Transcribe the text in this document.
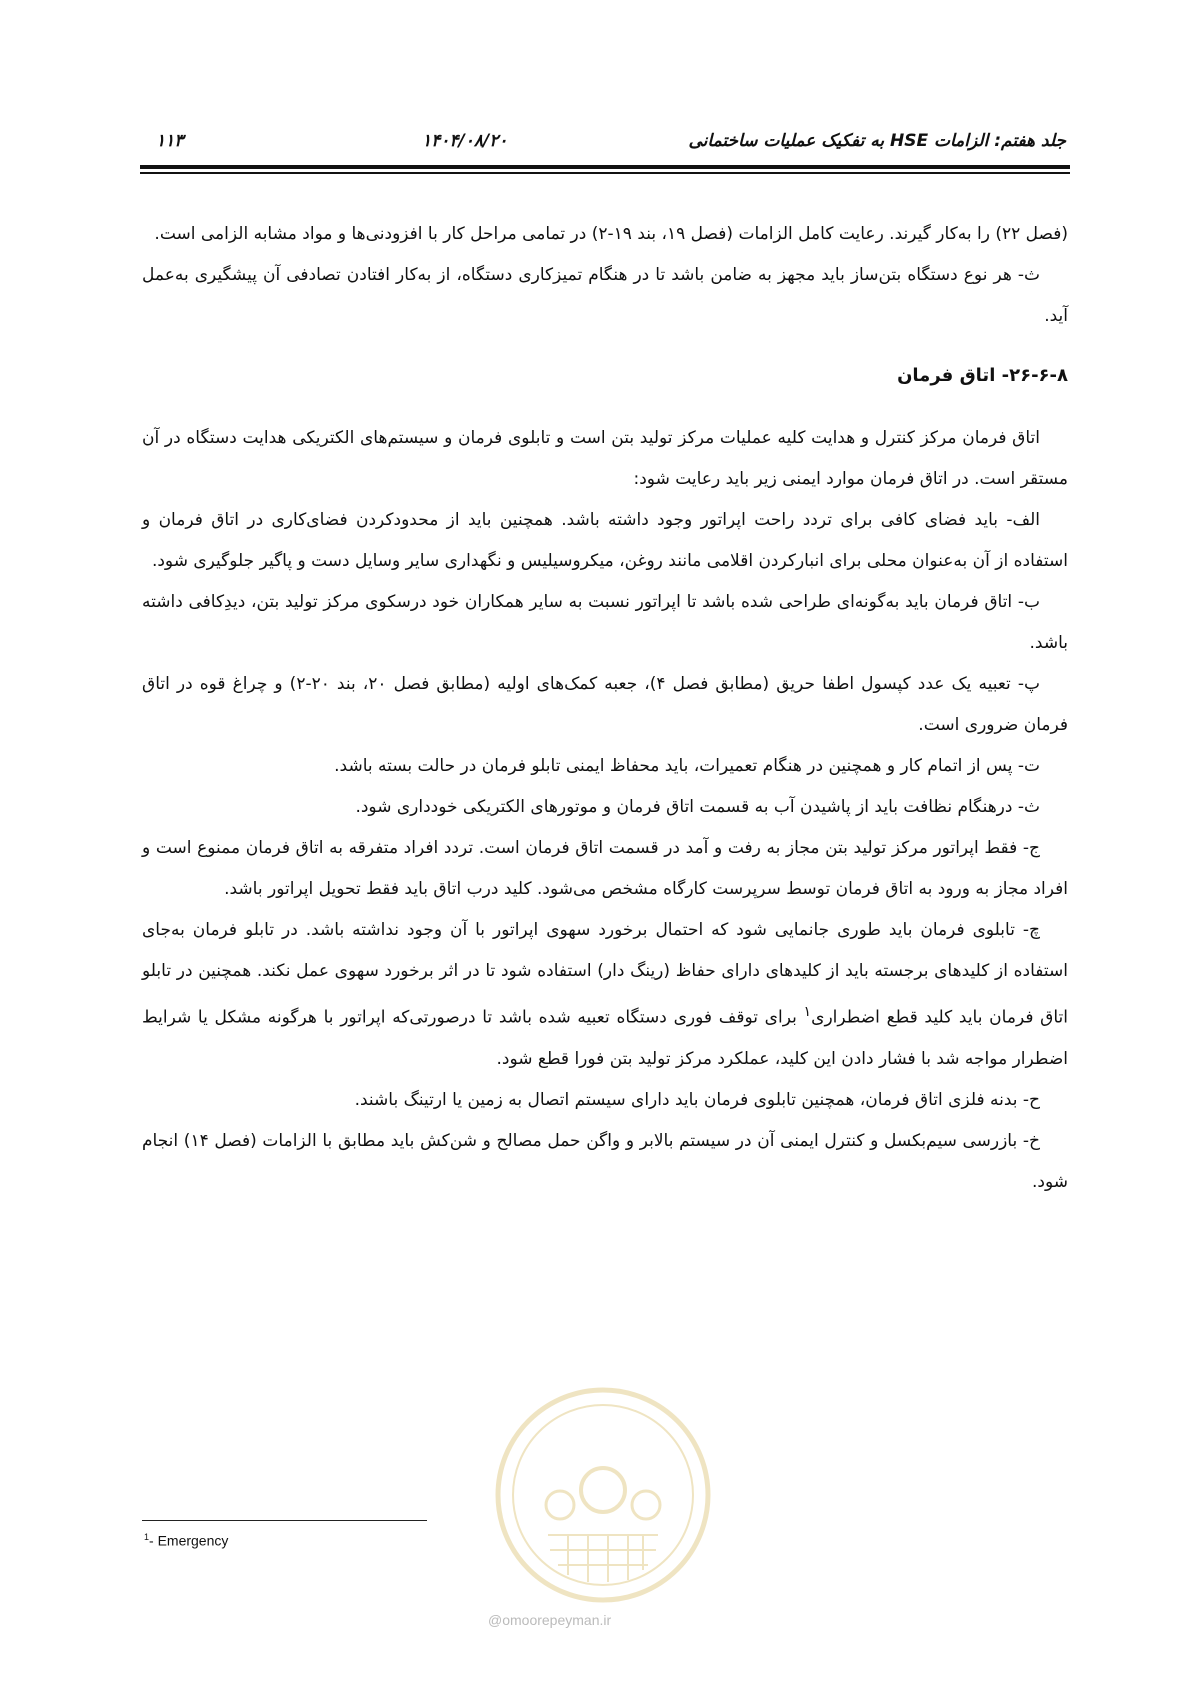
جلد هفتم: الزامات HSE به تفکیک عملیات ساختمانی
۱۴۰۴/۰۸/۲۰
۱۱۳

(فصل ۲۲) را به‌کار گیرند. رعایت کامل الزامات (فصل ۱۹، بند ۱۹-۲) در تمامی مراحل کار با افزودنی‌ها و مواد مشابه الزامی است.

ث- هر نوع دستگاه بتن‌ساز باید مجهز به ضامن باشد تا در هنگام تمیزکاری دستگاه، از به‌کار افتادن تصادفی آن پیشگیری به‌عمل آید.

۲۶-۶-۸- اتاق فرمان

اتاق فرمان مرکز کنترل و هدایت کلیه عملیات مرکز تولید بتن است و تابلوی فرمان و سیستم‌های الکتریکی هدایت دستگاه در آن مستقر است. در اتاق فرمان موارد ایمنی زیر باید رعایت شود:

الف- باید فضای کافی برای تردد راحت اپراتور وجود داشته باشد. همچنین باید از محدودکردن فضای‌کاری در اتاق فرمان و استفاده از آن به‌عنوان محلی برای انبارکردن اقلامی مانند روغن، میکروسیلیس و نگهداری سایر وسایل دست و پاگیر جلوگیری شود.

ب- اتاق فرمان باید به‌گونه‌ای طراحی شده باشد تا اپراتور نسبت به سایر همکاران خود درسکوی مرکز تولید بتن، دیدِکافی داشته باشد.

پ- تعبیه یک عدد کپسول اطفا حریق (مطابق فصل ۴)، جعبه کمک‌های اولیه (مطابق فصل ۲۰، بند ۲۰-۲) و چراغ قوه در اتاق فرمان ضروری است.

ت- پس از اتمام کار و همچنین در هنگام تعمیرات، باید محفاظ ایمنی تابلو فرمان در حالت بسته باشد.

ث- درهنگام نظافت باید از پاشیدن آب به قسمت اتاق فرمان و موتورهای الکتریکی خودداری شود.

ج- فقط اپراتور مرکز تولید بتن مجاز به رفت و آمد در قسمت اتاق فرمان است. تردد افراد متفرقه به اتاق فرمان ممنوع است و افراد مجاز به ورود به اتاق فرمان توسط سرپرست کارگاه مشخص می‌شود. کلید درب اتاق باید فقط تحویل اپراتور باشد.

چ- تابلوی فرمان باید طوری جانمایی شود که احتمال برخورد سهوی اپراتور با آن وجود نداشته باشد. در تابلو فرمان به‌جای استفاده از کلیدهای برجسته باید از کلیدهای دارای حفاظ (رینگ دار) استفاده شود تا در اثر برخورد سهوی عمل نکند. همچنین در تابلو اتاق فرمان باید کلید قطع اضطراری$^۱$ برای توقف فوری دستگاه تعبیه شده باشد تا درصورتی‌که اپراتور با هرگونه مشکل یا شرایط اضطرار مواجه شد با فشار دادن این کلید، عملکرد مرکز تولید بتن فورا قطع شود.

ح- بدنه فلزی اتاق فرمان، همچنین تابلوی فرمان باید دارای سیستم اتصال به زمین یا ارتینگ باشند.

خ- بازرسی سیم‌بکسل و کنترل ایمنی آن در سیستم بالابر و واگن حمل مصالح و شن‌کش باید مطابق با الزامات (فصل ۱۴) انجام شود.

@omoorepeyman.ir
$^1$- Emergency
